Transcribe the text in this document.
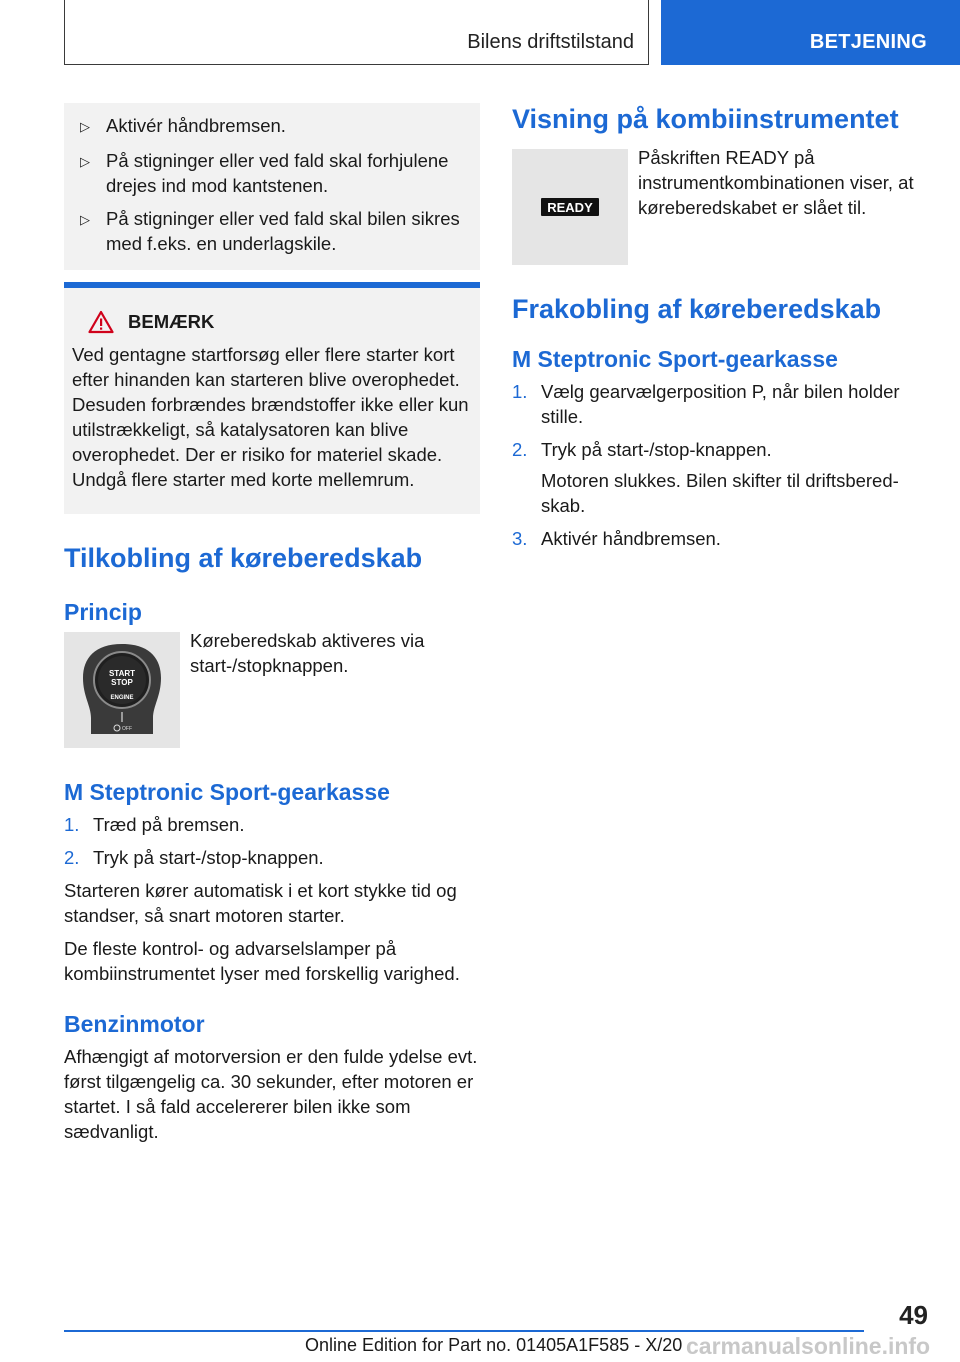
Bilens driftstilstand	BETJENING
▷ Aktivér håndbremsen.
▷ På stigninger eller ved fald skal forhjulene drejes ind mod kantstenen.
▷ På stigninger eller ved fald skal bilen sikres med f.eks. en underlagskile.
BEMÆRK

Ved gentagne startforsøg eller flere starter kort efter hinanden kan starteren blive overophedet. Desuden forbrændes brændstoffer ikke eller kun utilstrækkeligt, så katalysatoren kan blive overophedet. Der er risiko for materiel skade. Undgå flere starter med korte mellemrum.

Tilkobling af køreberedskab
Princip
START
STOP
ENGINE
OFF

Køreberedskab aktiveres via start-/stopknappen.

M Steptronic Sport-gearkasse
1. Træd på bremsen.
2. Tryk på start-/stop-knappen.

Starteren kører automatisk i et kort stykke tid og standser, så snart motoren starter.

De fleste kontrol- og advarselslamper på kombiinstrumentet lyser med forskellig varighed.

Benzinmotor

Afhængigt af motorversion er den fulde ydelse evt. først tilgængelig ca. 30 sekunder, efter motoren er startet. I så fald accelererer bilen ikke som sædvanligt.

Visning på kombiinstrumentet
READY

Påskriften READY på instrumentkombinationen viser, at køreberedskabet er slået til.

Frakobling af køreberedskab
M Steptronic Sport-gearkasse
1. Vælg gearvælgerposition P, når bilen holder stille.
2. Tryk på start-/stop-knappen.

Motoren slukkes. Bilen skifter til driftsberedskab.

3. Aktivér håndbremsen.
49
Online Edition for Part no. 01405A1F585 - X/20 carmanualsonline.info
